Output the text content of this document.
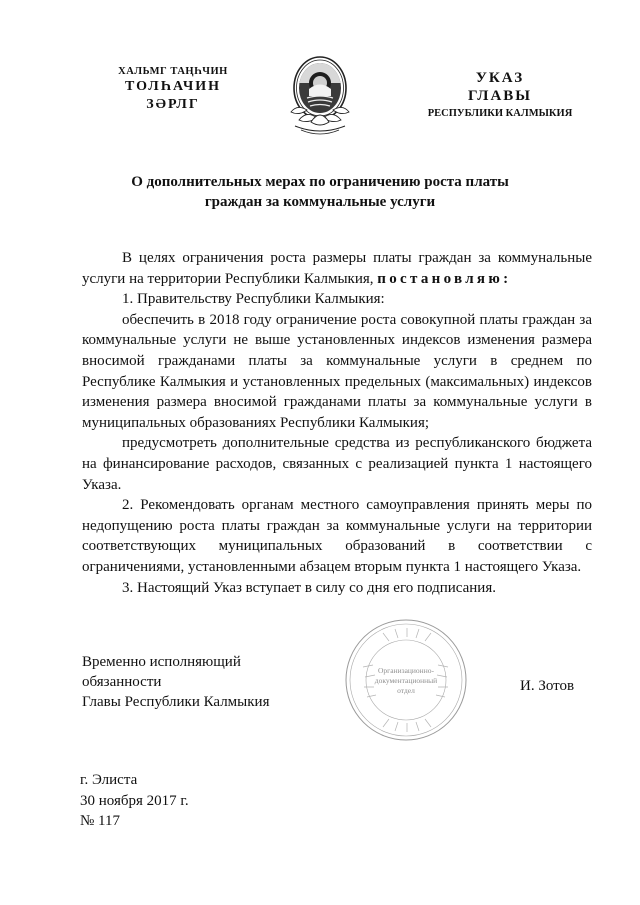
ХАЛЬМГ ТАҢҺЧИН
ТОЛҺАЧИН
ЗӘРЛГ
УКАЗ
ГЛАВЫ
РЕСПУБЛИКИ КАЛМЫКИЯ
О дополнительных мерах по ограничению роста платы
граждан за коммунальные услуги

В целях ограничения роста размеры платы граждан за коммунальные услуги на территории Республики Калмыкия, постановляю:

1. Правительству Республики Калмыкия:

обеспечить в 2018 году ограничение роста совокупной платы граждан за коммунальные услуги не выше установленных индексов изменения размера вносимой гражданами платы за коммунальные услуги в среднем по Республике Калмыкия и установленных предельных (максимальных) индексов изменения размера вносимой гражданами платы за коммунальные услуги в муниципальных образованиях Республики Калмыкия;

предусмотреть дополнительные средства из республиканского бюджета на финансирование расходов, связанных с реализацией пункта 1 настоящего Указа.

2. Рекомендовать органам местного самоуправления принять меры по недопущению роста платы граждан за коммунальные услуги на территории соответствующих муниципальных образований в соответствии с ограничениями, установленными абзацем вторым пункта 1 настоящего Указа.

3. Настоящий Указ вступает в силу со дня его подписания.

Временно исполняющий обязанности
Главы Республики Калмыкия
Организационно-
документационный
отдел	И. Зотов
г. Элиста
30 ноября 2017 г.
№ 117
